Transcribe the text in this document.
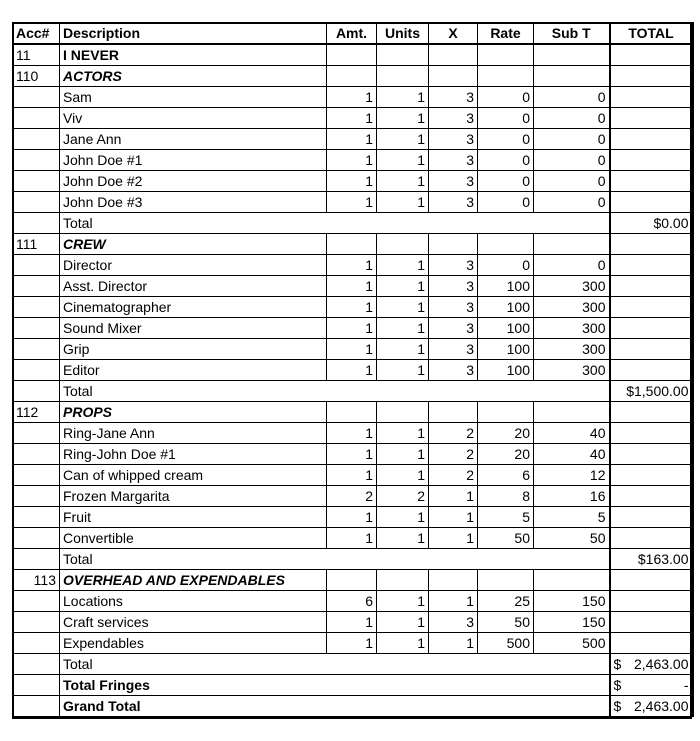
Acc#	Description	Amt.	Units	X	Rate	Sub T	TOTAL
11	I NEVER						
110	ACTORS						
	Sam	1	1	3	0	0	
	Viv	1	1	3	0	0	
	Jane Ann	1	1	3	0	0	
	John Doe #1	1	1	3	0	0	
	John Doe #2	1	1	3	0	0	
	John Doe #3	1	1	3	0	0	
	Total						$0.00
111	CREW						
	Director	1	1	3	0	0	
	Asst. Director	1	1	3	100	300	
	Cinematographer	1	1	3	100	300	
	Sound Mixer	1	1	3	100	300	
	Grip	1	1	3	100	300	
	Editor	1	1	3	100	300	
	Total						$1,500.00
112	PROPS						
	Ring-Jane Ann	1	1	2	20	40	
	Ring-John Doe #1	1	1	2	20	40	
	Can of whipped cream	1	1	2	6	12	
	Frozen Margarita	2	2	1	8	16	
	Fruit	1	1	1	5	5	
	Convertible	1	1	1	50	50	
	Total						$163.00
113	OVERHEAD AND EXPENDABLES						
	Locations	6	1	1	25	150	
	Craft services	1	1	3	50	150	
	Expendables	1	1	1	500	500	
	Total						$ 2,463.00

	Total Fringes						$ -

	Grand Total						$ 2,463.00
